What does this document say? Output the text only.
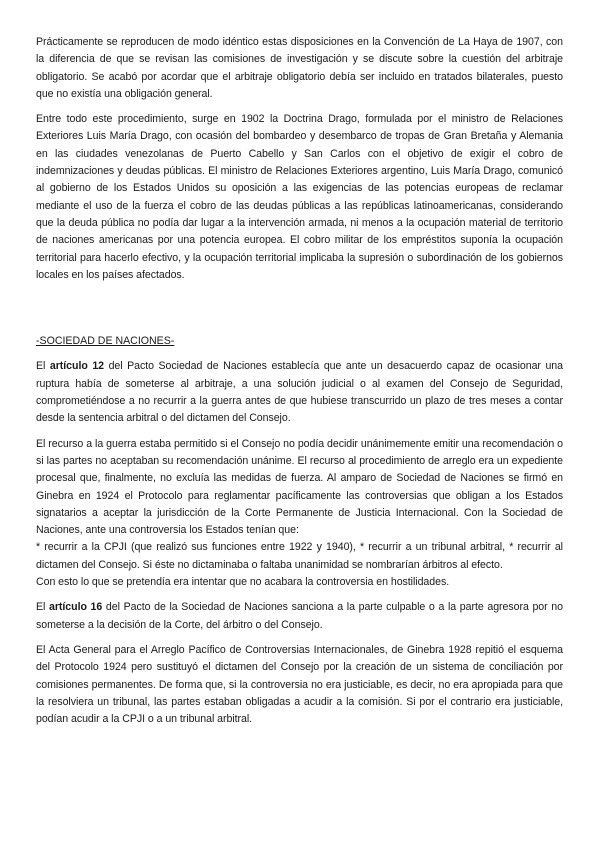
Prácticamente se reproducen de modo idéntico estas disposiciones en la Convención de La Haya de 1907, con la diferencia de que se revisan las comisiones de investigación y se discute sobre la cuestión del arbitraje obligatorio. Se acabó por acordar que el arbitraje obligatorio debía ser incluido en tratados bilaterales, puesto que no existía una obligación general.

Entre todo este procedimiento, surge en 1902 la Doctrina Drago, formulada por el ministro de Relaciones Exteriores Luis María Drago, con ocasión del bombardeo y desembarco de tropas de Gran Bretaña y Alemania en las ciudades venezolanas de Puerto Cabello y San Carlos con el objetivo de exigir el cobro de indemnizaciones y deudas públicas. El ministro de Relaciones Exteriores argentino, Luis María Drago, comunicó al gobierno de los Estados Unidos su oposición a las exigencias de las potencias europeas de reclamar mediante el uso de la fuerza el cobro de las deudas públicas a las repúblicas latinoamericanas, considerando que la deuda pública no podía dar lugar a la intervención armada, ni menos a la ocupación material de territorio de naciones americanas por una potencia europea. El cobro militar de los empréstitos suponía la ocupación territorial para hacerlo efectivo, y la ocupación territorial implicaba la supresión o subordinación de los gobiernos locales en los países afectados.

-SOCIEDAD DE NACIONES-

El artículo 12 del Pacto Sociedad de Naciones establecía que ante un desacuerdo capaz de ocasionar una ruptura había de someterse al arbitraje, a una solución judicial o al examen del Consejo de Seguridad, comprometiéndose a no recurrir a la guerra antes de que hubiese transcurrido un plazo de tres meses a contar desde la sentencia arbitral o del dictamen del Consejo.

El recurso a la guerra estaba permitido si el Consejo no podía decidir unánimemente emitir una recomendación o si las partes no aceptaban su recomendación unánime. El recurso al procedimiento de arreglo era un expediente procesal que, finalmente, no excluía las medidas de fuerza. Al amparo de Sociedad de Naciones se firmó en Ginebra en 1924 el Protocolo para reglamentar pacíficamente las controversias que obligan a los Estados signatarios a aceptar la jurisdicción de la Corte Permanente de Justicia Internacional. Con la Sociedad de Naciones, ante una controversia los Estados tenían que:
* recurrir a la CPJI (que realizó sus funciones entre 1922 y 1940), * recurrir a un tribunal arbitral, * recurrir al dictamen del Consejo. Si éste no dictaminaba o faltaba unanimidad se nombrarían árbitros al efecto.
Con esto lo que se pretendía era intentar que no acabara la controversia en hostilidades.

El artículo 16 del Pacto de la Sociedad de Naciones sanciona a la parte culpable o a la parte agresora por no someterse a la decisión de la Corte, del árbitro o del Consejo.

El Acta General para el Arreglo Pacífico de Controversias Internacionales, de Ginebra 1928 repitió el esquema del Protocolo 1924 pero sustituyó el dictamen del Consejo por la creación de un sistema de conciliación por comisiones permanentes. De forma que, si la controversia no era justiciable, es decir, no era apropiada para que la resolviera un tribunal, las partes estaban obligadas a acudir a la comisión. Si por el contrario era justiciable, podían acudir a la CPJI o a un tribunal arbitral.
